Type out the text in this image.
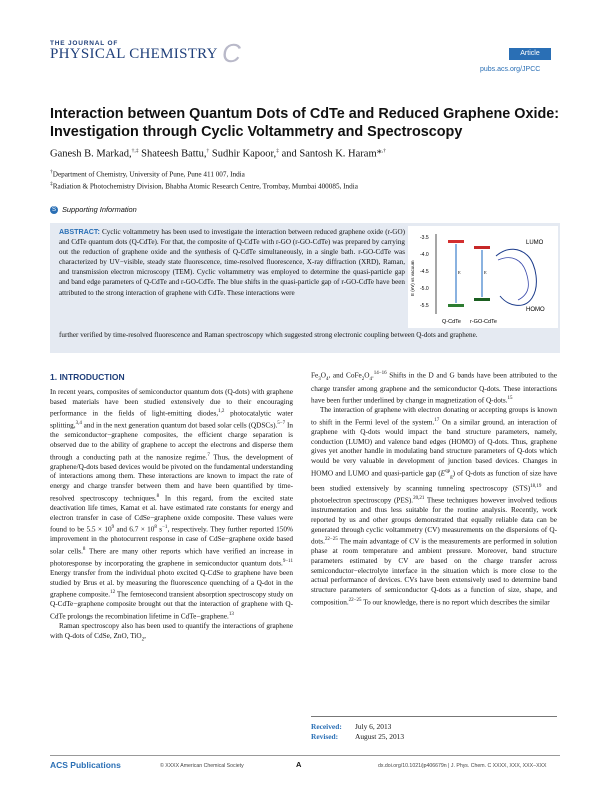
THE JOURNAL OF
PHYSICAL CHEMISTRY C	Article
pubs.acs.org/JPCC
Interaction between Quantum Dots of CdTe and Reduced Graphene Oxide: Investigation through Cyclic Voltammetry and Spectroscopy
Ganesh B. Markad,†,‡ Shateesh Battu,† Sudhir Kapoor,‡ and Santosh K. Haram*,†
†Department of Chemistry, University of Pune, Pune 411 007, India
‡Radiation & Photochemistry Division, Bhabha Atomic Research Centre, Trombay, Mumbai 400085, India
S Supporting Information
ABSTRACT: Cyclic voltammetry has been used to investigate the interaction between reduced graphene oxide (r-GO) and CdTe quantum dots (Q-CdTe). For that, the composite of Q-CdTe with r-GO (r-GO-CdTe) was prepared by carrying out the reduction of graphene oxide and the synthesis of Q-CdTe simultaneously, in a single bath. r-GO-CdTe was characterized by UV−visible, steady state fluorescence, time-resolved fluorescence, X-ray diffraction (XRD), Raman, and transmission electron microscopy (TEM). Cyclic voltammetry was employed to determine the quasi-particle gap and band edge parameters of Q-CdTe and r-GO-CdTe. The blue shifts in the quasi-particle gap of r-GO-CdTe have been attributed to the strong interaction of graphene with CdTe. These interactions were
further verified by time-resolved fluorescence and Raman spectroscopy which suggested strong electronic coupling between Q-dots and graphene.
-3.5
-4.0
-4.5
-5.0
-5.5
E (eV) vs vacuum	E	E
LUMO
HOMO
Q-CdTe r-GO-CdTe
1. INTRODUCTION

In recent years, composites of semiconductor quantum dots (Q-dots) with graphene based materials have been studied extensively due to their encouraging performance in the fields of light-emitting diodes,$^{1,2}$ photocatalytic water splitting,$^{3,4}$ and in the next generation quantum dot based solar cells (QDSCs).$^{5-7}$ In the semiconductor−graphene composites, the efficient charge separation is observed due to the ability of graphene to accept the electrons and disperse them through a conducting path at the nanosize regime.$^7$ Thus, the development of graphene/Q-dots based devices would be pivoted on the fundamental understanding of interactions among them. These interactions are known to impact the rate of energy and charge transfer between them and have been quantified by time-resolved spectroscopy techniques.$^8$ In this regard, from the excited state deactivation life times, Kamat et al. have estimated rate constants for energy and electron transfer in case of CdSe−graphene oxide composite. These values were found to be 5.5 × 10$^9$ and 6.7 × 10$^8$ s$^{-1}$, respectively. They further reported 150% improvement in the photocurrent response in case of CdSe−graphene oxide based solar cells.$^8$ There are many other reports which have verified an increase in photoresponse by incorporating the graphene in semiconductor quantum dots.$^{9-11}$ Energy transfer from the individual photo excited Q-CdSe to graphene have been studied by Brus et al. by measuring the fluorescence quenching of a Q-dot in the graphene composite.$^{12}$ The femtosecond transient absorption spectroscopy study on Q-CdTe−graphene composite brought out that the interaction of graphene with Q-CdTe prolongs the recombination lifetime in CdTe−graphene.$^{13}$

Raman spectroscopy also has been used to quantify the interactions of graphene with Q-dots of CdSe, ZnO, TiO$_2$,

$Fe_3O_4$, and $CoFe_2O_4.^{14-16}$ Shifts in the D and G bands have been attributed to the charge transfer among graphene and the semiconductor Q-dots. These interactions have been further underlined by change in magnetization of Q-dots.$^{15}$

The interaction of graphene with electron donating or accepting groups is known to shift in the Fermi level of the system.$^{17}$ On a similar ground, an interaction of graphene with Q-dots would impact the band structure parameters, namely, conduction (LUMO) and valence band edges (HOMO) of Q-dots. Thus, graphene gives yet another handle in modulating band structure parameters of Q-dots which would be very valuable in development of junction based devices. Changes in HOMO and LUMO and quasi-particle gap $(E^{qp}_g)$ of Q-dots as function of size have been studied extensively by scanning tunneling spectroscopy (STS)$^{18,19}$ and photoelectron spectroscopy (PES).$^{20,21}$ These techniques however involved tedious instrumentation and thus less suitable for the routine analysis. Recently, work reported by us and other groups demonstrated that equally reliable data can be generated through cyclic voltammetry (CV) measurements on the dispersions of Q-dots.$^{22-25}$ The main advantage of CV is the measurements are performed in solution phase at room temperature and ambient pressure. Moreover, band structure parameters estimated by CV are based on the charge transfer across semiconductor−electrolyte interface in the situation which is more close to the actual performance of devices. CVs have been extensively used to determine band structure parameters of semiconductor Q-dots as a function of size, shape, and composition.$^{22-25}$ To our knowledge, there is no report which describes the similar

Received: July 6, 2013
Revised: August 25, 2013
ACS Publications	© XXXX American Chemical Society	A	dx.doi.org/10.1021/jp406679n | J. Phys. Chem. C XXXX, XXX, XXX−XXX
